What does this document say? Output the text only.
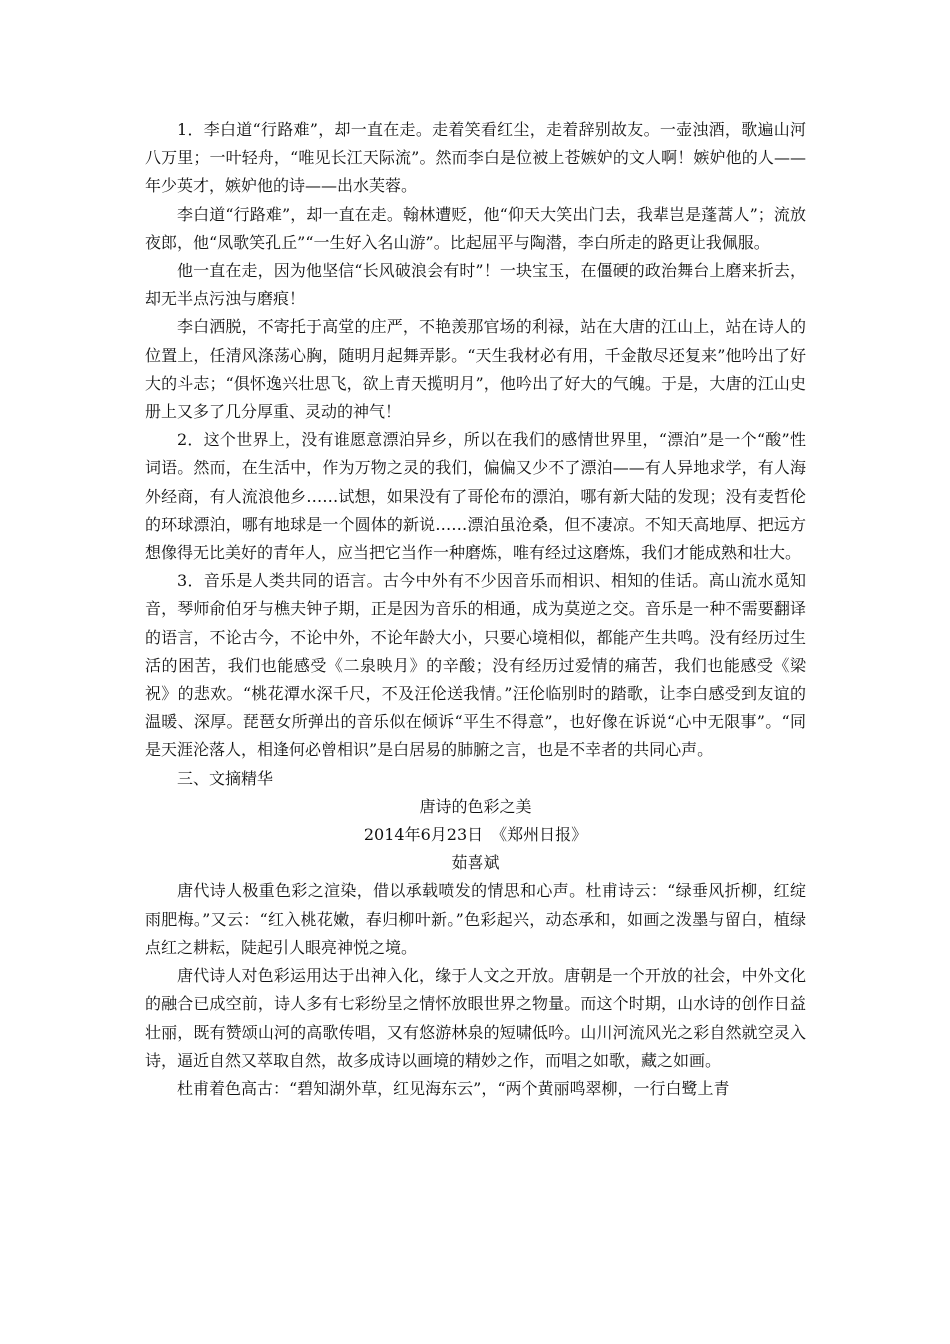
1．李白道“行路难”，却一直在走。走着笑看红尘，走着辞别故友。一壶浊酒，歌遍山河八万里；一叶轻舟，“唯见长江天际流”。然而李白是位被上苍嫉妒的文人啊！嫉妒他的人——年少英才，嫉妒他的诗——出水芙蓉。

李白道“行路难”，却一直在走。翰林遭贬，他“仰天大笑出门去，我辈岂是蓬蒿人”；流放夜郎，他“凤歌笑孔丘”“一生好入名山游”。比起屈平与陶潜，李白所走的路更让我佩服。

他一直在走，因为他坚信“长风破浪会有时”！一块宝玉，在僵硬的政治舞台上磨来折去，却无半点污浊与磨痕！

李白洒脱，不寄托于高堂的庄严，不艳羡那官场的利禄，站在大唐的江山上，站在诗人的位置上，任清风涤荡心胸，随明月起舞弄影。“天生我材必有用，千金散尽还复来”他吟出了好大的斗志；“俱怀逸兴壮思飞，欲上青天揽明月”，他吟出了好大的气魄。于是，大唐的江山史册上又多了几分厚重、灵动的神气！

2．这个世界上，没有谁愿意漂泊异乡，所以在我们的感情世界里，“漂泊”是一个“酸”性词语。然而，在生活中，作为万物之灵的我们，偏偏又少不了漂泊——有人异地求学，有人海外经商，有人流浪他乡……试想，如果没有了哥伦布的漂泊，哪有新大陆的发现；没有麦哲伦的环球漂泊，哪有地球是一个圆体的新说……漂泊虽沧桑，但不凄凉。不知天高地厚、把远方想像得无比美好的青年人，应当把它当作一种磨炼，唯有经过这磨炼，我们才能成熟和壮大。

3．音乐是人类共同的语言。古今中外有不少因音乐而相识、相知的佳话。高山流水觅知音，琴师俞伯牙与樵夫钟子期，正是因为音乐的相通，成为莫逆之交。音乐是一种不需要翻译的语言，不论古今，不论中外，不论年龄大小，只要心境相似，都能产生共鸣。没有经历过生活的困苦，我们也能感受《二泉映月》的辛酸；没有经历过爱情的痛苦，我们也能感受《梁祝》的悲欢。“桃花潭水深千尺，不及汪伦送我情。”汪伦临别时的踏歌，让李白感受到友谊的温暖、深厚。琵琶女所弹出的音乐似在倾诉“平生不得意”，也好像在诉说“心中无限事”。“同是天涯沦落人，相逢何必曾相识”是白居易的肺腑之言，也是不幸者的共同心声。

三、文摘精华

唐诗的色彩之美

2014年6月23日　《郑州日报》

茹喜斌

唐代诗人极重色彩之渲染，借以承载喷发的情思和心声。杜甫诗云：“绿垂风折柳，红绽雨肥梅。”又云：“红入桃花嫩，春归柳叶新。”色彩起兴，动态承和，如画之泼墨与留白，植绿点红之耕耘，陡起引人眼亮神悦之境。

唐代诗人对色彩运用达于出神入化，缘于人文之开放。唐朝是一个开放的社会，中外文化的融合已成空前，诗人多有七彩纷呈之情怀放眼世界之物量。而这个时期，山水诗的创作日益壮丽，既有赞颂山河的高歌传唱，又有悠游林泉的短啸低吟。山川河流风光之彩自然就空灵入诗，逼近自然又萃取自然，故多成诗以画境的精妙之作，而唱之如歌，藏之如画。

杜甫着色高古：“碧知湖外草，红见海东云”，“两个黄丽鸣翠柳，一行白鹭上青
